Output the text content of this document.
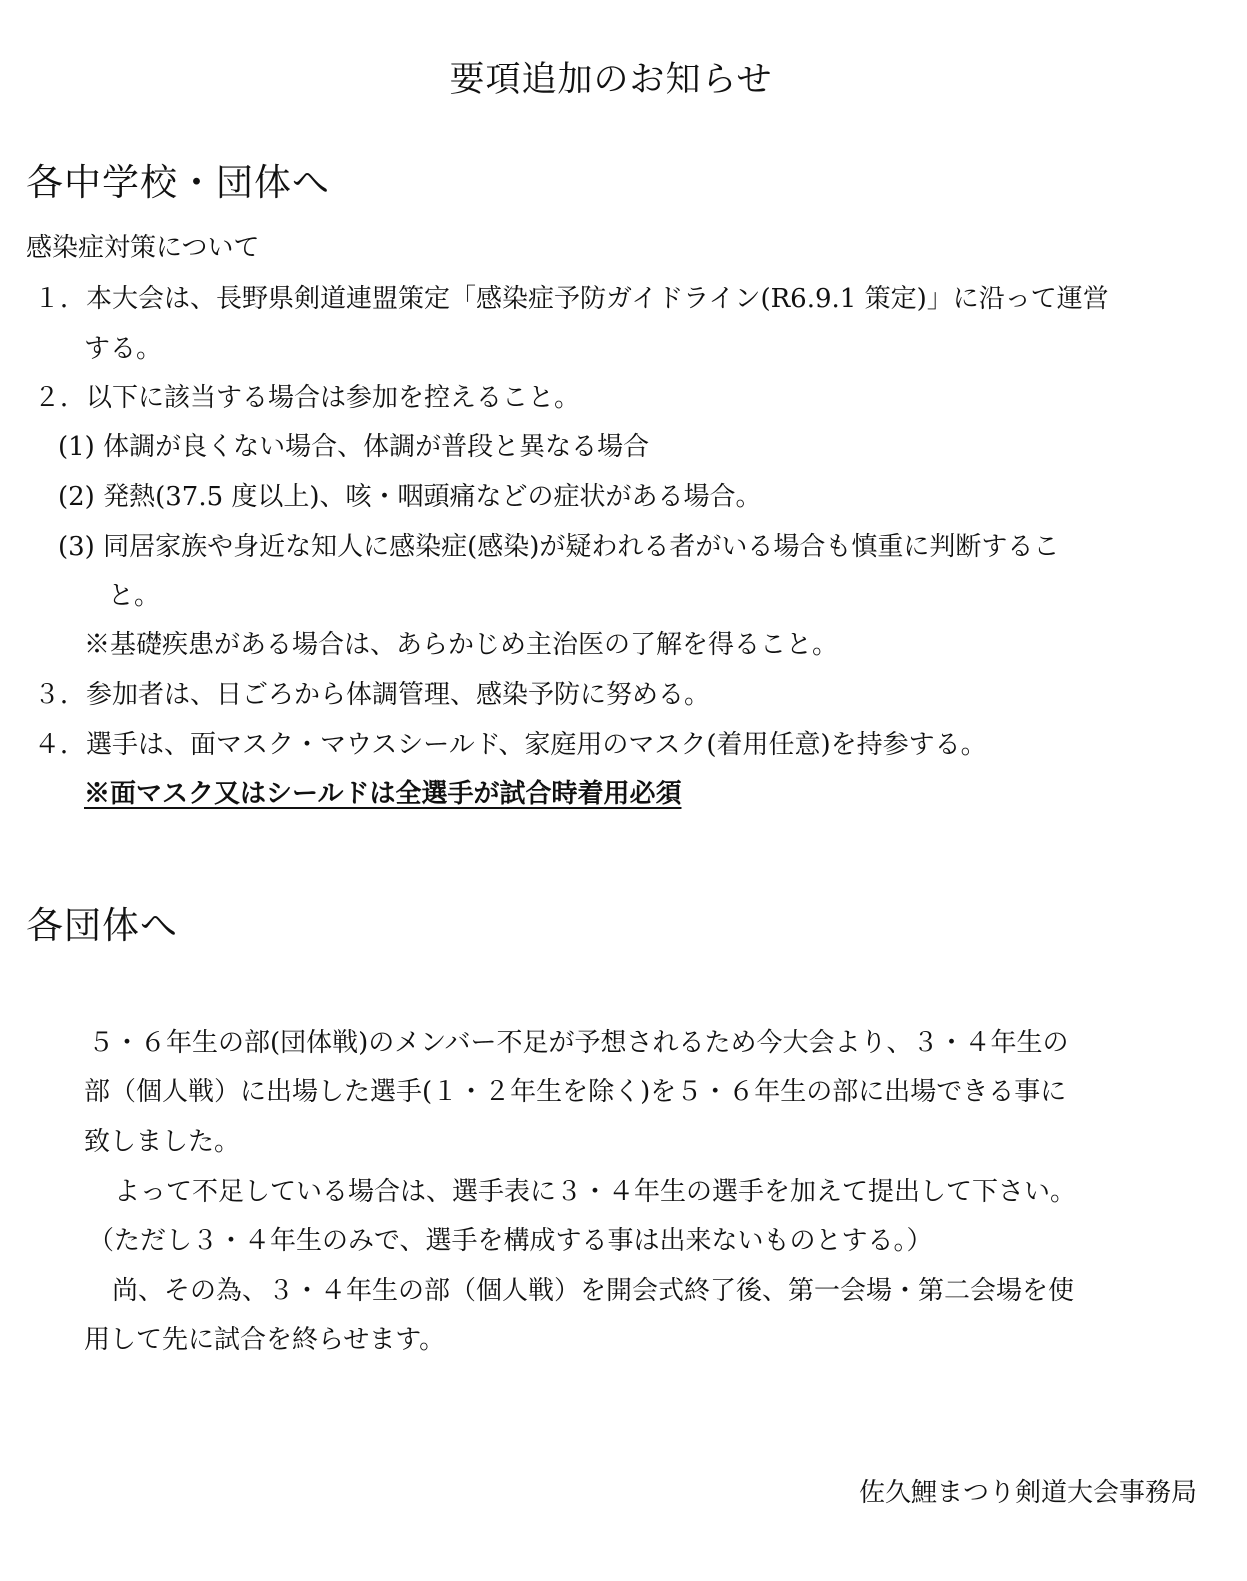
要項追加のお知らせ
各中学校・団体へ
感染症対策について
１．本大会は、長野県剣道連盟策定「感染症予防ガイドライン(R6.9.1 策定)」に沿って運営
する。
２．以下に該当する場合は参加を控えること。
(1) 体調が良くない場合、体調が普段と異なる場合
(2) 発熱(37.5 度以上)、咳・咽頭痛などの症状がある場合。
(3) 同居家族や身近な知人に感染症(感染)が疑われる者がいる場合も慎重に判断するこ
と。
※基礎疾患がある場合は、あらかじめ主治医の了解を得ること。
３．参加者は、日ごろから体調管理、感染予防に努める。
４．選手は、面マスク・マウスシールド、家庭用のマスク(着用任意)を持参する。
※面マスク又はシールドは全選手が試合時着用必須
各団体へ
５・６年生の部(団体戦)のメンバー不足が予想されるため今大会より、３・４年生の
部（個人戦）に出場した選手(１・２年生を除く)を５・６年生の部に出場できる事に
致しました。
よって不足している場合は、選手表に３・４年生の選手を加えて提出して下さい。
（ただし３・４年生のみで、選手を構成する事は出来ないものとする。）
尚、その為、３・４年生の部（個人戦）を開会式終了後、第一会場・第二会場を使
用して先に試合を終らせます。
佐久鯉まつり剣道大会事務局
